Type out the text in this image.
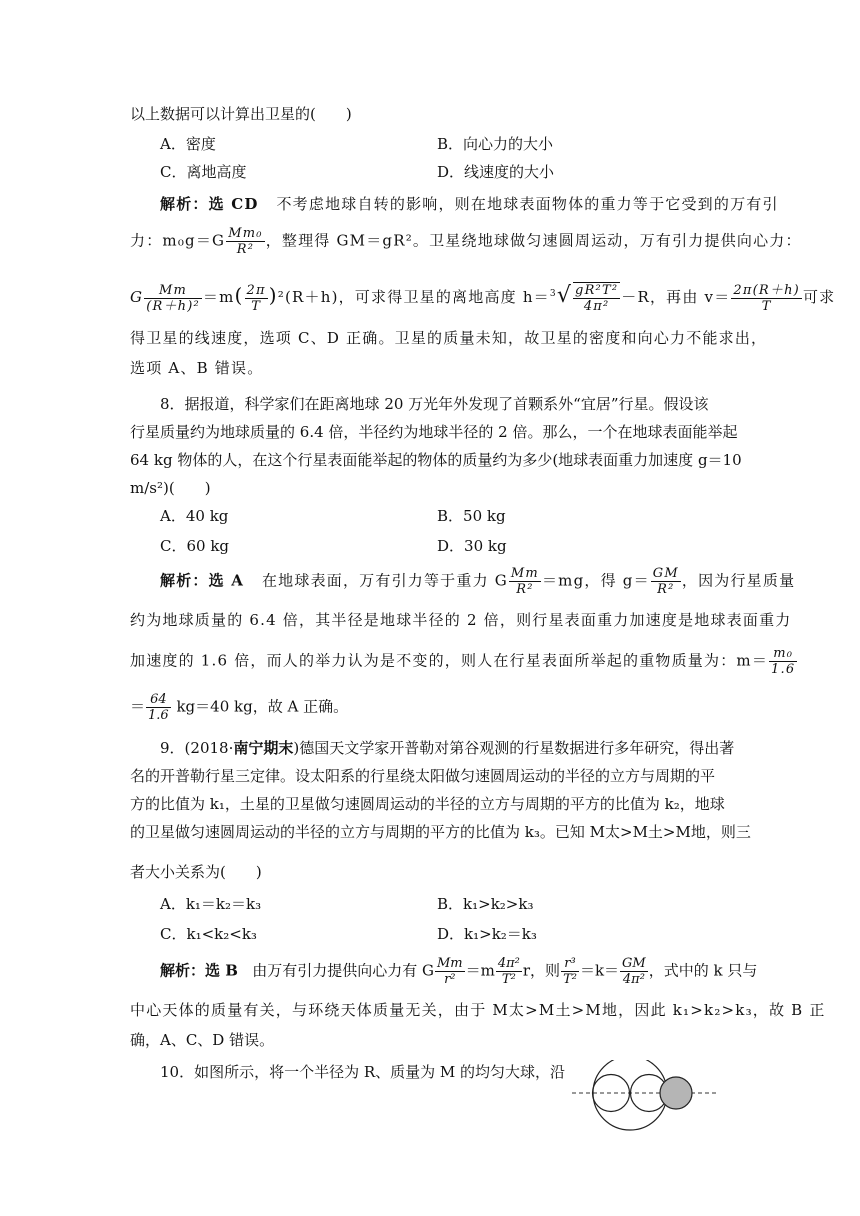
以上数据可以计算出卫星的(　　)
A．密度	B．向心力的大小
C．离地高度	D．线速度的大小
解析：选 CD 不考虑地球自转的影响，则在地球表面物体的重力等于它受到的万有引
力：$m_0g=G \frac{\text{Mm₀}}{\text{R²}}$ ，整理得 GM＝gR²。卫星绕地球做匀速圆周运动，万有引力提供向心力：
G $\frac{Mm}{\text{(R＋h)²}} =m( \frac{2\pi}{T} )^2(R+h)$，可求得卫星的离地高度 $h=^3√ \frac{\text{gR²T²}}{\text{4π²}} -R$，再由 $v= \frac{2\pi(R+h)}{T}$ 可求
得卫星的线速度，选项 C、D 正确。卫星的质量未知，故卫星的密度和向心力不能求出，
选项 A、B 错误。
8．据报道，科学家们在距离地球 20 万光年外发现了首颗系外“宜居”行星。假设该
行星质量约为地球质量的 6.4 倍，半径约为地球半径的 2 倍。那么，一个在地球表面能举起
64 kg 物体的人，在这个行星表面能举起的物体的质量约为多少(地球表面重力加速度 g＝10
m/s²)(　　)
A．40 kg	B．50 kg
C．60 kg	D．30 kg
解析：选 A 在地球表面，万有引力等于重力 G $\frac{Mm}{\text{R²}} =mg$，得 $g= \frac{GM}{\text{R²}}$ ，因为行星质量
约为地球质量的 6.4 倍，其半径是地球半径的 2 倍，则行星表面重力加速度是地球表面重力
加速度的 1.6 倍，而人的举力认为是不变的，则人在行星表面所举起的重物质量为：$m= \frac{\text{m₀}}{1.6}$
＝ $\frac{64}{1.6} kg=40$ kg，故 A 正确。
9．(2018·南宁期末)德国天文学家开普勒对第谷观测的行星数据进行多年研究，得出著
名的开普勒行星三定律。设太阳系的行星绕太阳做匀速圆周运动的半径的立方与周期的平
方的比值为 k₁，土星的卫星做匀速圆周运动的半径的立方与周期的平方的比值为 k₂，地球
的卫星做匀速圆周运动的半径的立方与周期的平方的比值为 k₃。已知 M太>M土>M地，则三
者大小关系为(　　)
A．k₁＝k₂＝k₃	B．k₁>k₂>k₃
C．k₁<k₂<k₃	D．k₁>k₂＝k₃
解析：选 B 由万有引力提供向心力有 G $\frac{Mm}{\text{r²}} =m \frac{\text{4π²}}{\text{T²}}$ r，则 $\frac{\text{r³}}{\text{T²}} =k= \frac{GM}{\text{4π²}}$ ，式中的 k 只与
中心天体的质量有关，与环绕天体质量无关，由于 M太>M土>M地，因此 k₁>k₂>k₃，故 B 正
确，A、C、D 错误。
10．如图所示，将一个半径为 R、质量为 M 的均匀大球，沿
